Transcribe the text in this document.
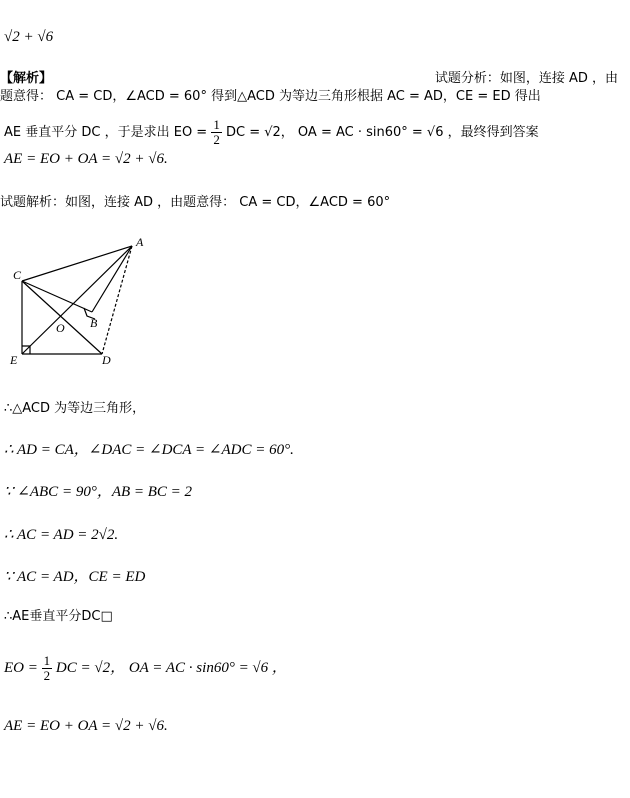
√2 + √6
【解析】	试题分析：如图，连接 AD ，由
题意得： CA = CD，∠ACD = 60° 得到△ACD 为等边三角形根据 AC = AD，CE = ED 得出
AE 垂直平分 DC ，于是求出 EO = $\frac{1}{2}$ DC = √2， OA = AC · sin60° = √6 ，最终得到答案
AE = EO + OA = √2 + √6.
试题解析：如图，连接 AD ，由题意得： CA = CD，∠ACD = 60°
A
C
O B
E	D
∴△ACD 为等边三角形，
∴ AD = CA，∠DAC = ∠DCA = ∠ADC = 60°.
∵ ∠ABC = 90°，AB = BC = 2
∴ AC = AD = 2√2.
∵ AC = AD，CE = ED
∴AE垂直平分DC□
EO = $\frac{1}{2}$ DC = √2， OA = AC · sin60° = √6 ，
AE = EO + OA = √2 + √6.
